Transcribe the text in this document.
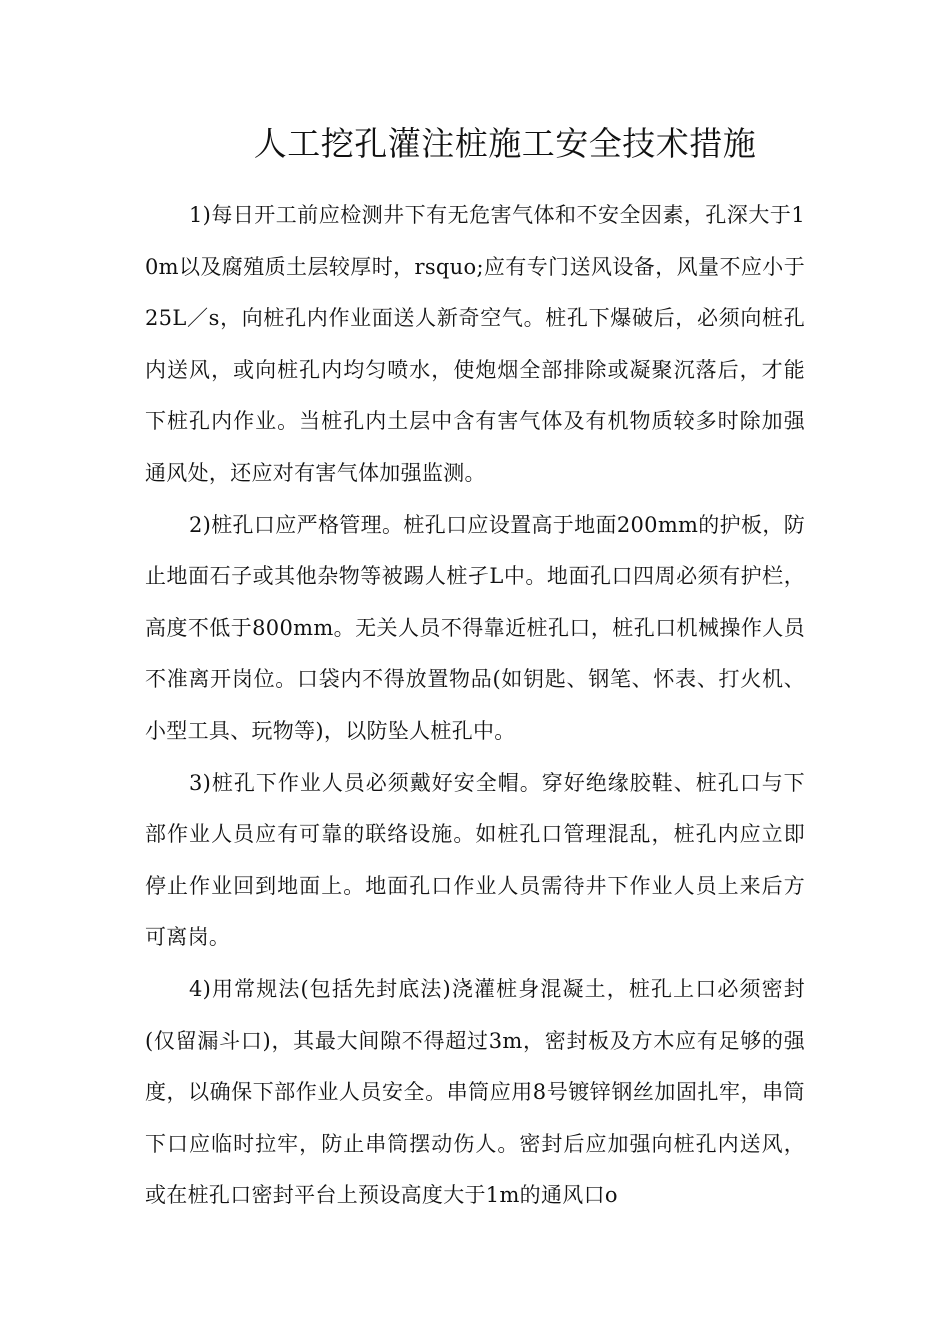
人工挖孔灌注桩施工安全技术措施

1)每日开工前应检测井下有无危害气体和不安全因素，孔深大于10m以及腐殖质土层较厚时，rsquo;应有专门送风设备，风量不应小于25L／s，向桩孔内作业面送人新奇空气。桩孔下爆破后，必须向桩孔内送风，或向桩孔内均匀喷水，使炮烟全部排除或凝聚沉落后，才能下桩孔内作业。当桩孔内土层中含有害气体及有机物质较多时除加强通风处，还应对有害气体加强监测。

2)桩孔口应严格管理。桩孔口应设置高于地面200mm的护板，防止地面石子或其他杂物等被踢人桩孑L中。地面孔口四周必须有护栏，高度不低于800mm。无关人员不得靠近桩孔口，桩孔口机械操作人员不准离开岗位。口袋内不得放置物品(如钥匙、钢笔、怀表、打火机、小型工具、玩物等)，以防坠人桩孔中。

3)桩孔下作业人员必须戴好安全帽。穿好绝缘胶鞋、桩孔口与下部作业人员应有可靠的联络设施。如桩孔口管理混乱，桩孔内应立即停止作业回到地面上。地面孔口作业人员需待井下作业人员上来后方可离岗。

4)用常规法(包括先封底法)浇灌桩身混凝土，桩孔上口必须密封(仅留漏斗口)，其最大间隙不得超过3m，密封板及方木应有足够的强度，以确保下部作业人员安全。串筒应用8号镀锌钢丝加固扎牢，串筒下口应临时拉牢，防止串筒摆动伤人。密封后应加强向桩孔内送风，或在桩孔口密封平台上预设高度大于1m的通风口o
